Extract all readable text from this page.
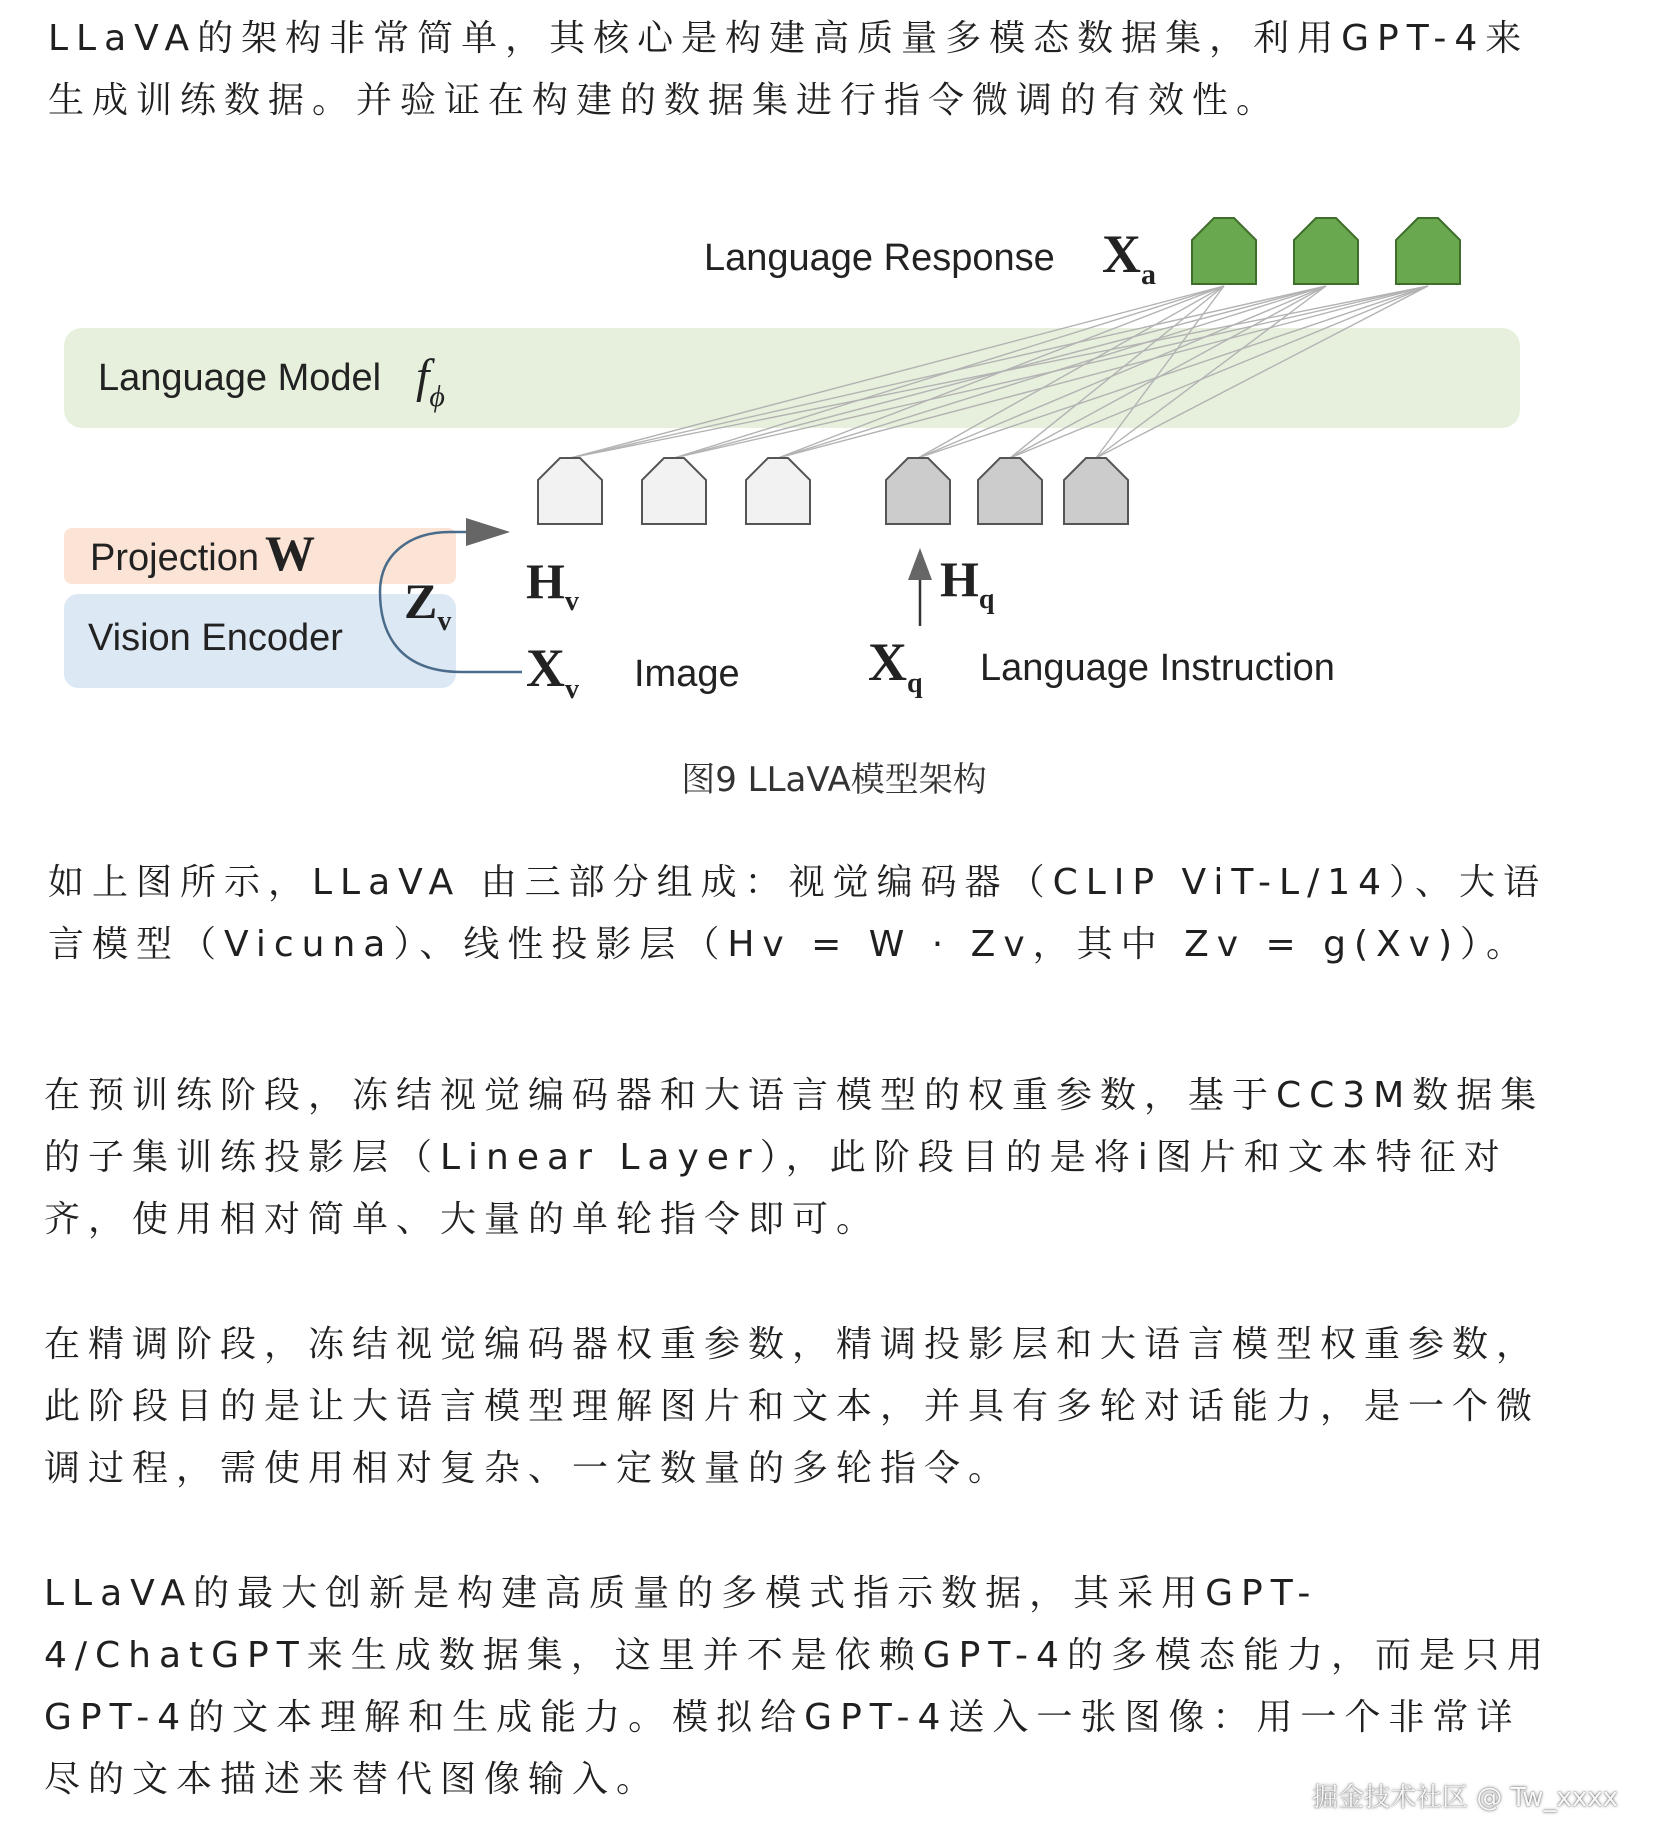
LLaVA的架构非常简单，其核心是构建高质量多模态数据集，利用GPT-4来生成训练数据。并验证在构建的数据集进行指令微调的有效性。

Language Model $f_\phi$
Language Response $X_a$
Projection W
Vision Encoder
$Z_v$
$H_v$	$H_q$
$X_v$ Image $X_q$ Language Instruction
图9 LLaVA模型架构

如上图所示，LLaVA 由三部分组成：视觉编码器（CLIP ViT-L/14）、大语言模型（Vicuna）、线性投影层（Hv = W · Zv，其中 Zv = g(Xv)）。

在预训练阶段，冻结视觉编码器和大语言模型的权重参数，基于CC3M数据集的子集训练投影层（Linear Layer），此阶段目的是将i图片和文本特征对齐，使用相对简单、大量的单轮指令即可。

在精调阶段，冻结视觉编码器权重参数，精调投影层和大语言模型权重参数，此阶段目的是让大语言模型理解图片和文本，并具有多轮对话能力，是一个微调过程，需使用相对复杂、一定数量的多轮指令。

LLaVA的最大创新是构建高质量的多模式指示数据，其采用GPT-4/ChatGPT来生成数据集，这里并不是依赖GPT-4的多模态能力，而是只用GPT-4的文本理解和生成能力。模拟给GPT-4送入一张图像：用一个非常详尽的文本描述来替代图像输入。	掘金技术社区 @ Tw_xxxx
